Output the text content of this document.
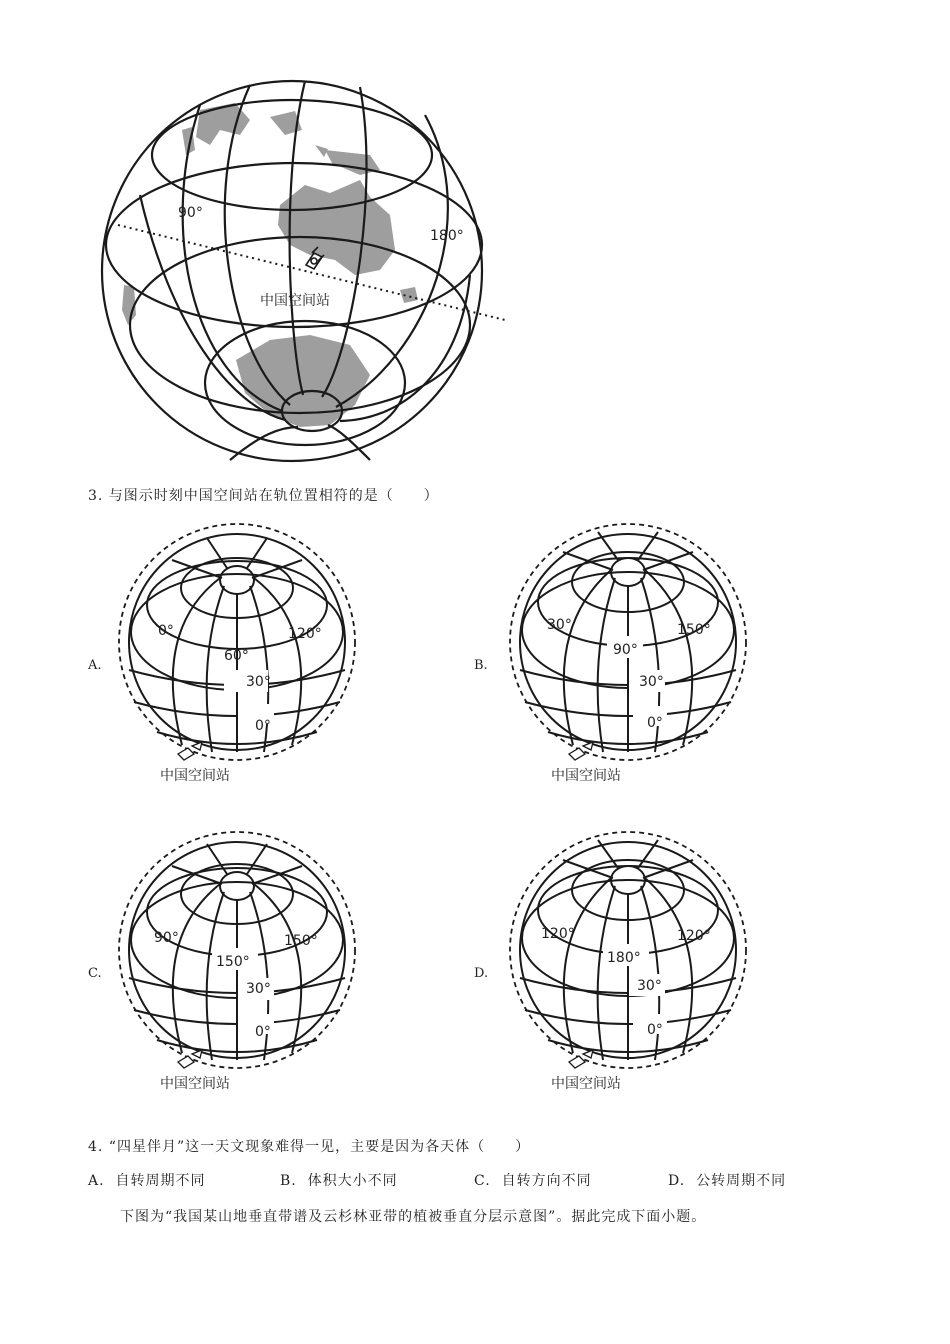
90°
180°
中国空间站
3. 与图示时刻中国空间站在轨位置相符的是（　　）
A.	B.
C.	D.
0°	120°
60°
30°
0°
中国空间站
30°	150°
90°
30°
0°
中国空间站
90°	150°
150°
30°
0°
中国空间站
120°	120°
180°
30°
0°
中国空间站
4. “四星伴月”这一天文现象难得一见，主要是因为各天体（　　）
A. 自转周期不同	B. 体积大小不同	C. 自转方向不同	D. 公转周期不同
下图为“我国某山地垂直带谱及云杉林亚带的植被垂直分层示意图”。据此完成下面小题。
